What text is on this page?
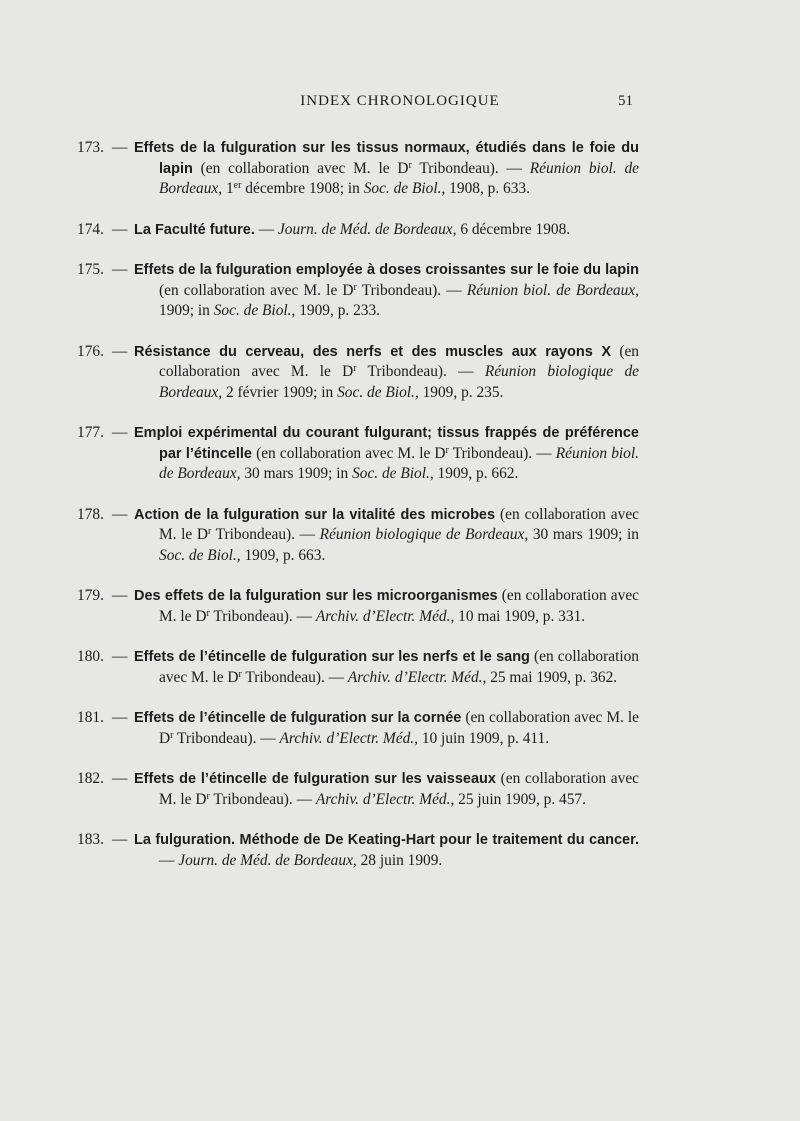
INDEX CHRONOLOGIQUE	51
173. — Effets de la fulguration sur les tissus normaux, étudiés dans le foie du lapin (en collaboration avec M. le $D^r$ Tribondeau). — Réunion biol. de Bordeaux, 1er décembre 1908; in Soc. de Biol., 1908, p. 633.
174. — La Faculté future. — Journ. de Méd. de Bordeaux, 6 décembre 1908.
175. — Effets de la fulguration employée à doses croissantes sur le foie du lapin (en collaboration avec M. le $D^r$ Tribondeau). — Réunion biol. de Bordeaux, 1909; in Soc. de Biol., 1909, p. 233.
176. — Résistance du cerveau, des nerfs et des muscles aux rayons X (en collaboration avec M. le $D^r$ Tribondeau). — Réunion biologique de Bordeaux, 2 février 1909; in Soc. de Biol., 1909, p. 235.
177. — Emploi expérimental du courant fulgurant; tissus frappés de préférence par l’étincelle (en collaboration avec M. le $D^r$ Tribondeau). — Réunion biol. de Bordeaux, 30 mars 1909; in Soc. de Biol., 1909, p. 662.
178. — Action de la fulguration sur la vitalité des microbes (en collaboration avec M. le $D^r$ Tribondeau). — Réunion biologique de Bordeaux, 30 mars 1909; in Soc. de Biol., 1909, p. 663.
179. — Des effets de la fulguration sur les microorganismes (en collaboration avec M. le $D^r$ Tribondeau). — Archiv. d’Electr. Méd., 10 mai 1909, p. 331.
180. — Effets de l’étincelle de fulguration sur les nerfs et le sang (en collaboration avec M. le $D^r$ Tribondeau). — Archiv. d’Electr. Méd., 25 mai 1909, p. 362.
181. — Effets de l’étincelle de fulguration sur la cornée (en collaboration avec M. le $D^r$ Tribondeau). — Archiv. d’Electr. Méd., 10 juin 1909, p. 411.
182. — Effets de l’étincelle de fulguration sur les vaisseaux (en collaboration avec M. le $D^r$ Tribondeau). — Archiv. d’Electr. Méd., 25 juin 1909, p. 457.
183. — La fulguration. Méthode de De Keating-Hart pour le traitement du cancer. — Journ. de Méd. de Bordeaux, 28 juin 1909.
